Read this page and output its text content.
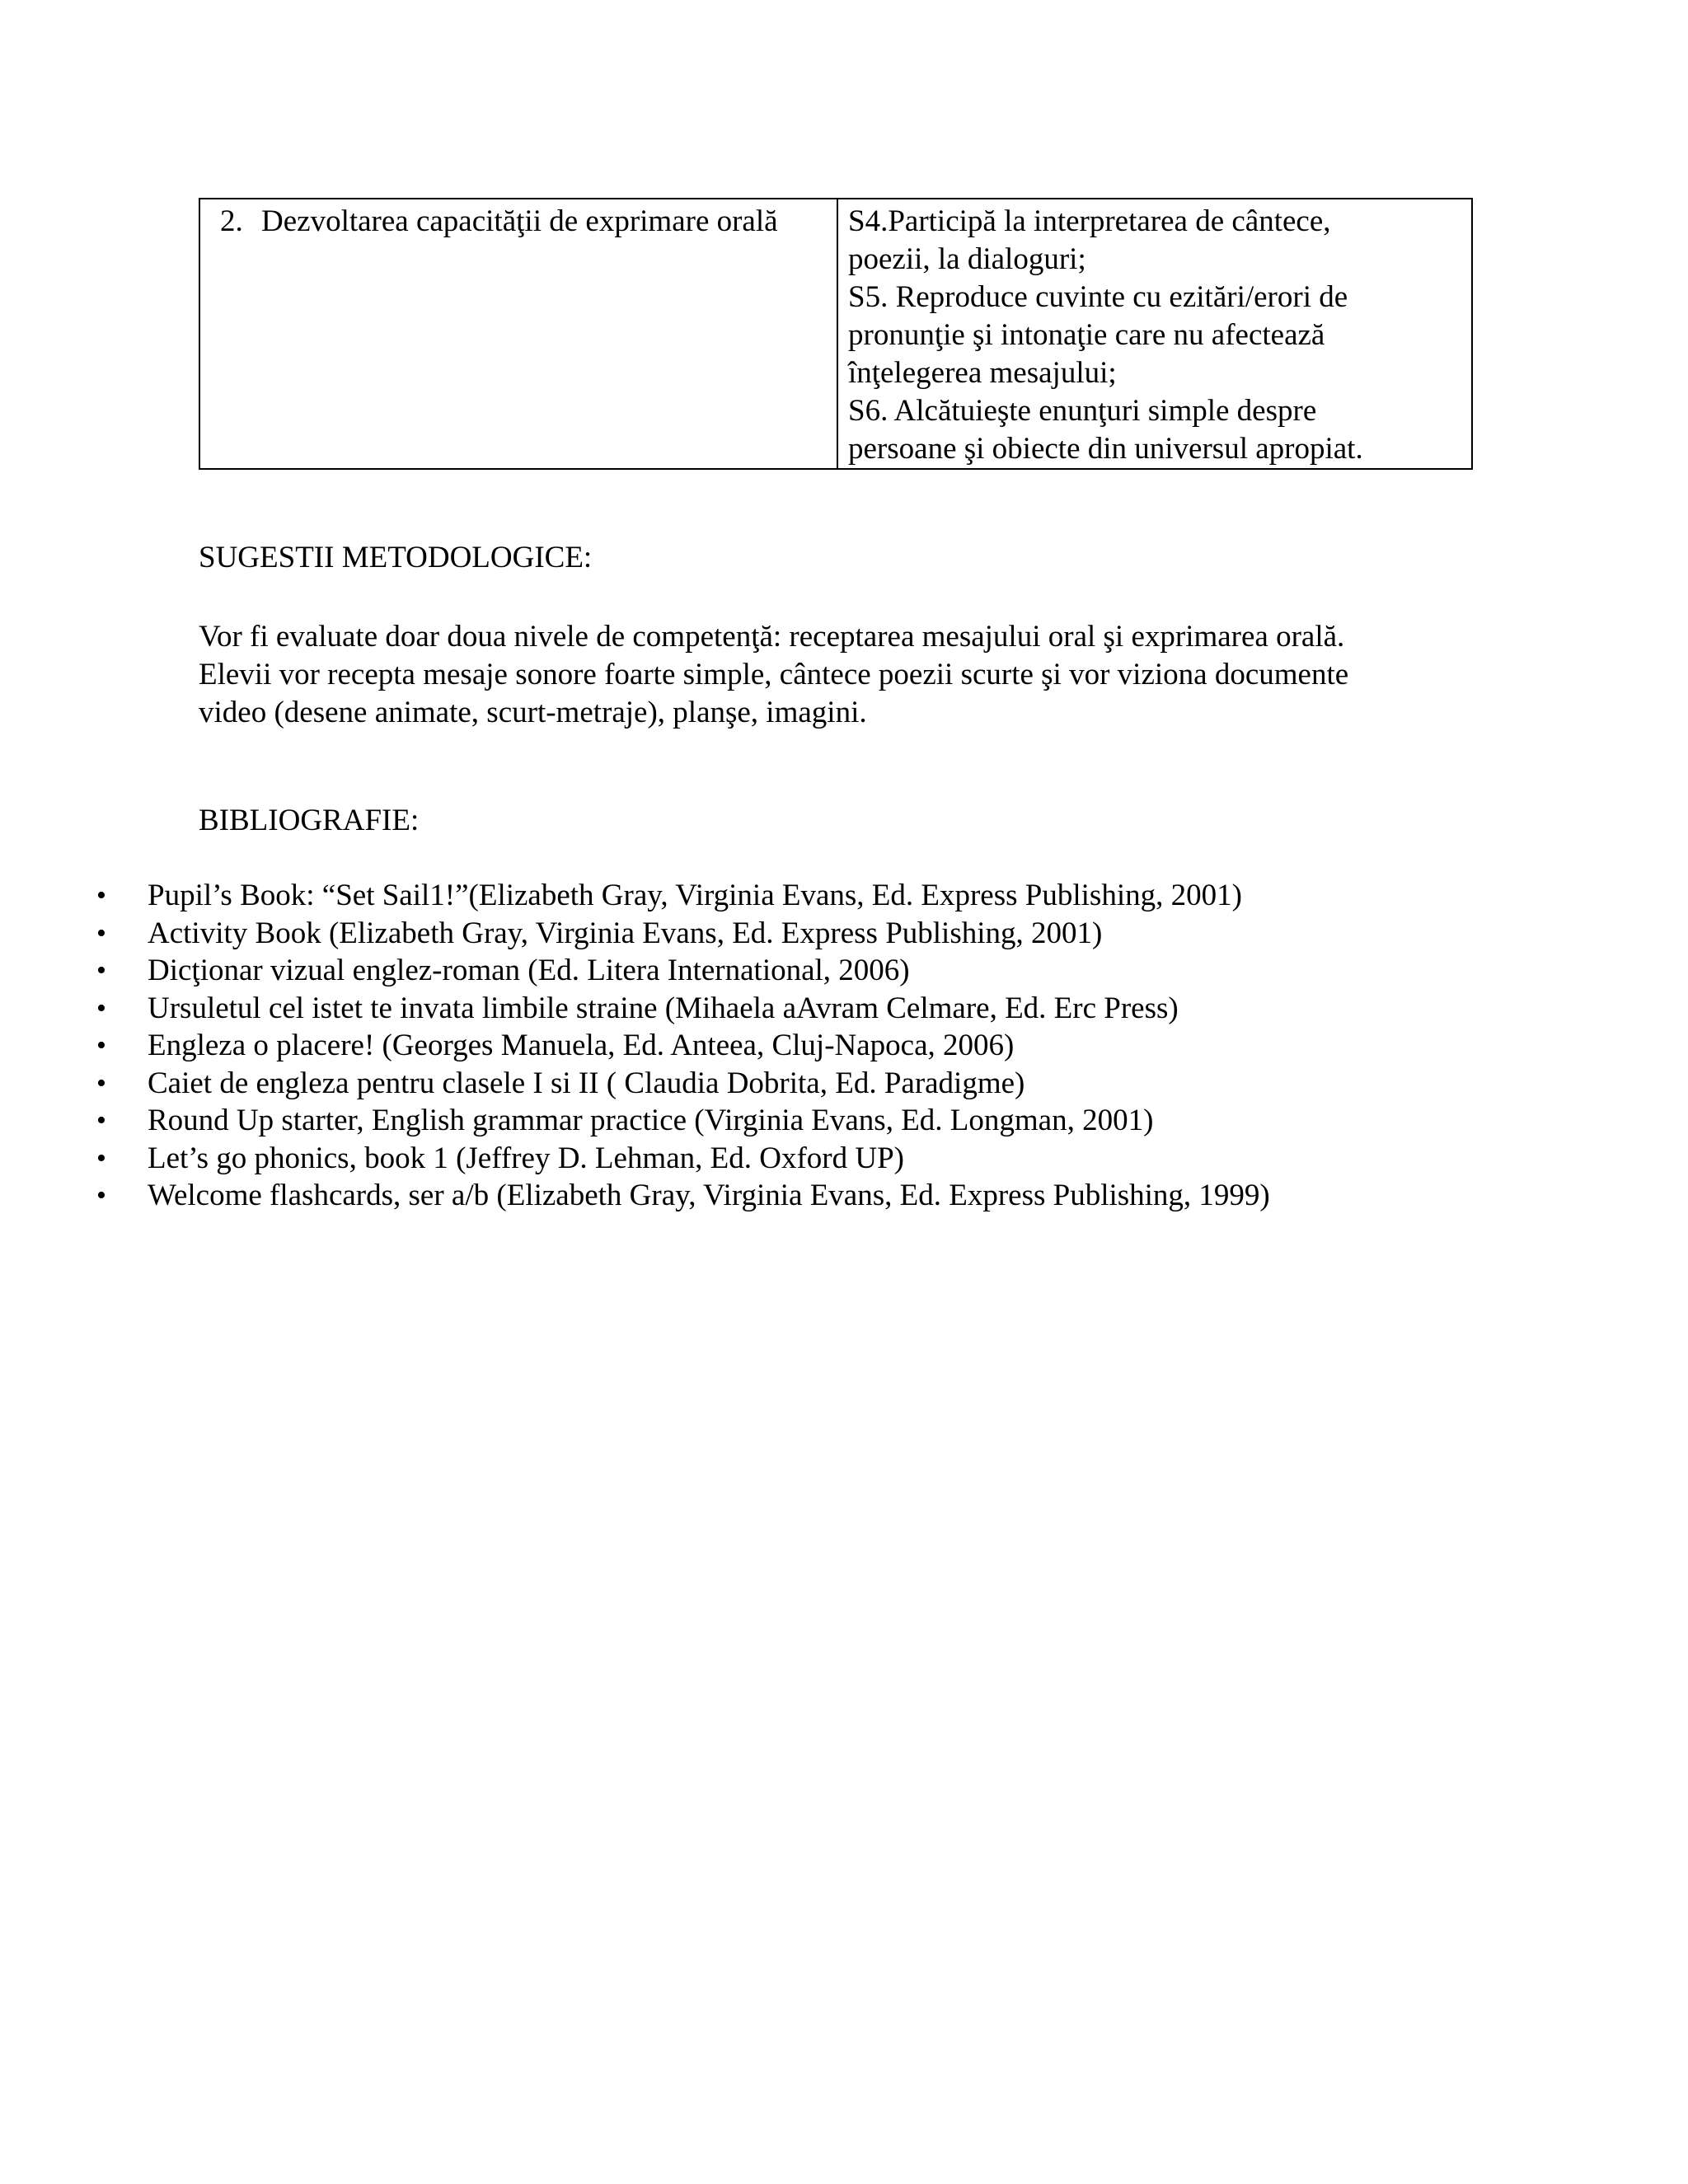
2. Dezvoltarea capacităţii de exprimare orală	S4.Participă la interpretarea de cântece,
poezii, la dialoguri;
S5. Reproduce cuvinte cu ezitări/erori de
pronunţie şi intonaţie care nu afectează
înţelegerea mesajului;
S6. Alcătuieşte enunţuri simple despre
persoane şi obiecte din universul apropiat.
SUGESTII METODOLOGICE:
Vor fi evaluate doar doua nivele de competenţă: receptarea mesajului oral şi exprimarea orală.
Elevii vor recepta mesaje sonore foarte simple, cântece poezii scurte şi vor viziona documente
video (desene animate, scurt-metraje), planşe, imagini.
BIBLIOGRAFIE:
• Pupil’s Book: “Set Sail1!”(Elizabeth Gray, Virginia Evans, Ed. Express Publishing, 2001)
• Activity Book (Elizabeth Gray, Virginia Evans, Ed. Express Publishing, 2001)
• Dicţionar vizual englez-roman (Ed. Litera International, 2006)
• Ursuletul cel istet te invata limbile straine (Mihaela aAvram Celmare, Ed. Erc Press)
• Engleza o placere! (Georges Manuela, Ed. Anteea, Cluj-Napoca, 2006)
• Caiet de engleza pentru clasele I si II ( Claudia Dobrita, Ed. Paradigme)
• Round Up starter, English grammar practice (Virginia Evans, Ed. Longman, 2001)
• Let’s go phonics, book 1 (Jeffrey D. Lehman, Ed. Oxford UP)
• Welcome flashcards, ser a/b (Elizabeth Gray, Virginia Evans, Ed. Express Publishing, 1999)
